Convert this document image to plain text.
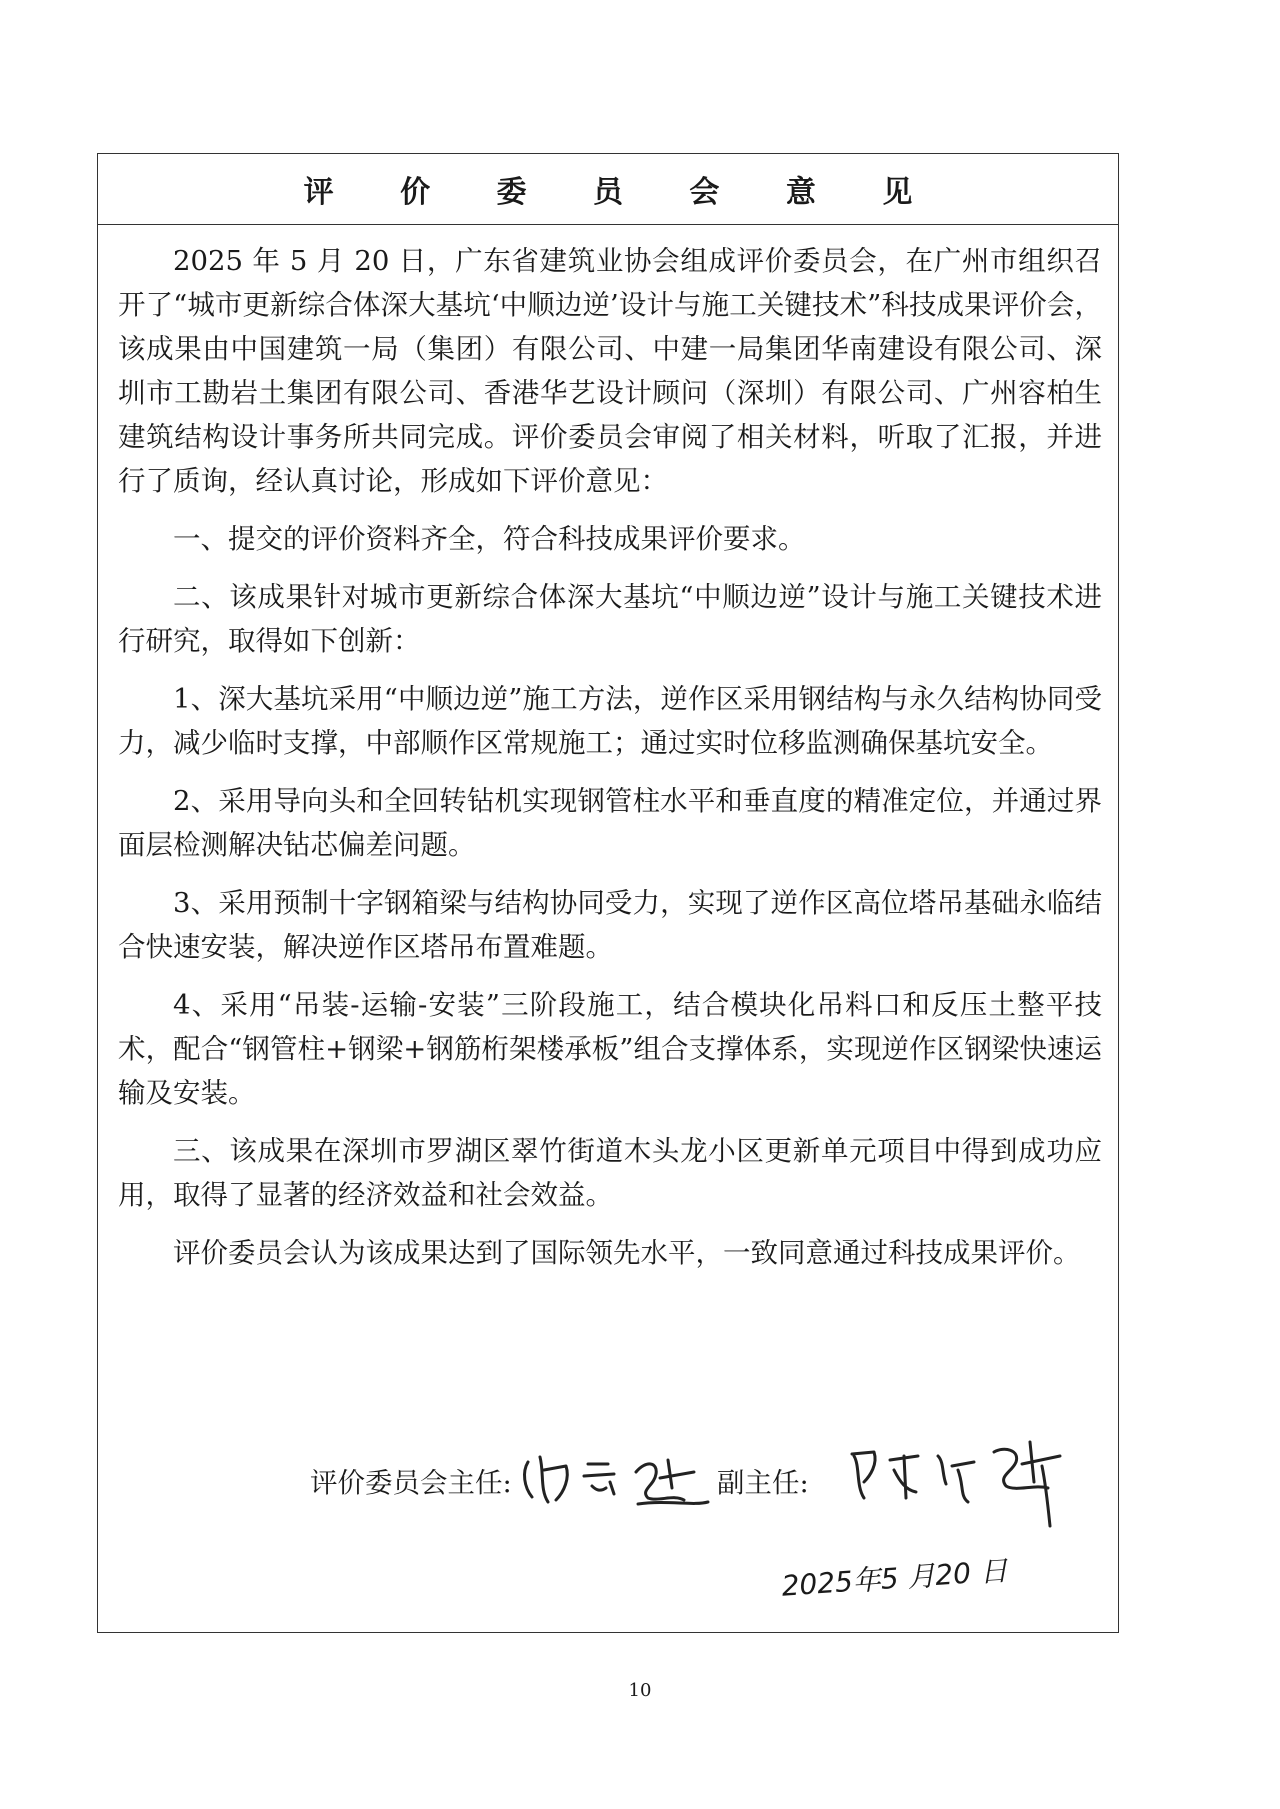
评 价 委 员 会 意 见

2025 年 5 月 20 日，广东省建筑业协会组成评价委员会，在广州市组织召开了“城市更新综合体深大基坑‘中顺边逆’设计与施工关键技术”科技成果评价会，该成果由中国建筑一局（集团）有限公司、中建一局集团华南建设有限公司、深圳市工勘岩土集团有限公司、香港华艺设计顾问（深圳）有限公司、广州容柏生建筑结构设计事务所共同完成。评价委员会审阅了相关材料，听取了汇报，并进行了质询，经认真讨论，形成如下评价意见：

一、提交的评价资料齐全，符合科技成果评价要求。

二、该成果针对城市更新综合体深大基坑“中顺边逆”设计与施工关键技术进行研究，取得如下创新：

1、深大基坑采用“中顺边逆”施工方法，逆作区采用钢结构与永久结构协同受力，减少临时支撑，中部顺作区常规施工；通过实时位移监测确保基坑安全。

2、采用导向头和全回转钻机实现钢管柱水平和垂直度的精准定位，并通过界面层检测解决钻芯偏差问题。

3、采用预制十字钢箱梁与结构协同受力，实现了逆作区高位塔吊基础永临结合快速安装，解决逆作区塔吊布置难题。

4、采用“吊装-运输-安装”三阶段施工，结合模块化吊料口和反压土整平技术，配合“钢管柱+钢梁+钢筋桁架楼承板”组合支撑体系，实现逆作区钢梁快速运输及安装。

三、该成果在深圳市罗湖区翠竹街道木头龙小区更新单元项目中得到成功应用，取得了显著的经济效益和社会效益。

评价委员会认为该成果达到了国际领先水平，一致同意通过科技成果评价。

评价委员会主任:	副主任:
2025年5 月20 日
10
